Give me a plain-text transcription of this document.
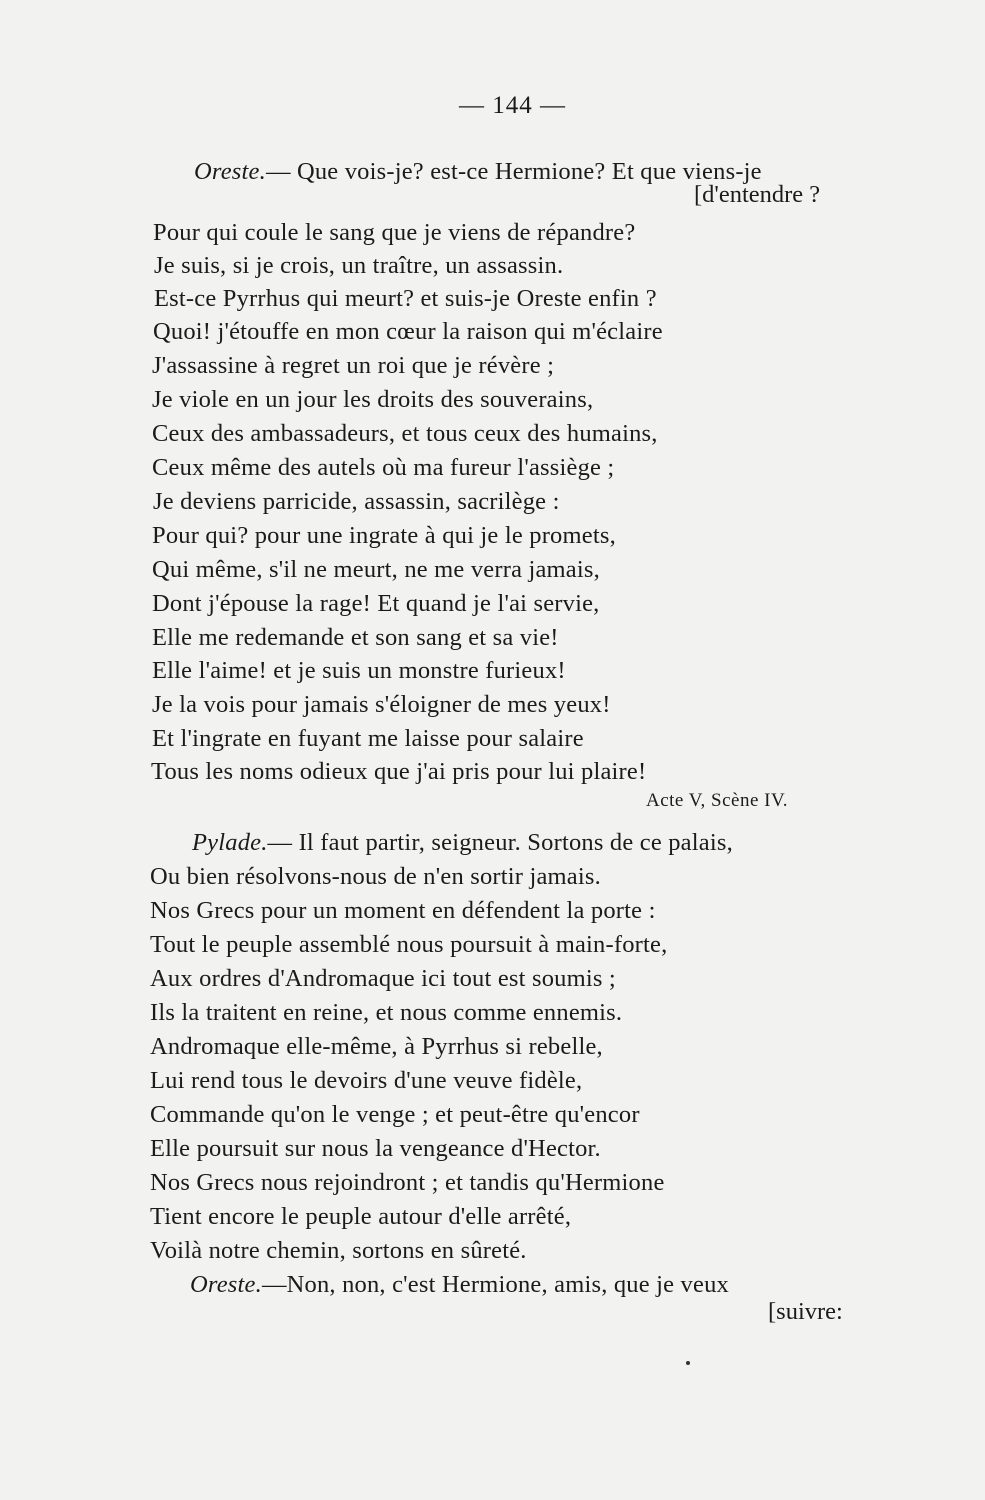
— 144 —
Oreste.— Que vois-je? est-ce Hermione? Et que viens-je
[d'entendre ?
Pour qui coule le sang que je viens de répandre?
Je suis, si je crois, un traître, un assassin.
Est-ce Pyrrhus qui meurt? et suis-je Oreste enfin ?
Quoi! j'étouffe en mon cœur la raison qui m'éclaire
J'assassine à regret un roi que je révère ;
Je viole en un jour les droits des souverains,
Ceux des ambassadeurs, et tous ceux des humains,
Ceux même des autels où ma fureur l'assiège ;
Je deviens parricide, assassin, sacrilège :
Pour qui? pour une ingrate à qui je le promets,
Qui même, s'il ne meurt, ne me verra jamais,
Dont j'épouse la rage! Et quand je l'ai servie,
Elle me redemande et son sang et sa vie!
Elle l'aime! et je suis un monstre furieux!
Je la vois pour jamais s'éloigner de mes yeux!
Et l'ingrate en fuyant me laisse pour salaire
Tous les noms odieux que j'ai pris pour lui plaire!
Acte V, Scène IV.
Pylade.— Il faut partir, seigneur. Sortons de ce palais,
Ou bien résolvons-nous de n'en sortir jamais.
Nos Grecs pour un moment en défendent la porte :
Tout le peuple assemblé nous poursuit à main-forte,
Aux ordres d'Andromaque ici tout est soumis ;
Ils la traitent en reine, et nous comme ennemis.
Andromaque elle-même, à Pyrrhus si rebelle,
Lui rend tous le devoirs d'une veuve fidèle,
Commande qu'on le venge ; et peut-être qu'encor
Elle poursuit sur nous la vengeance d'Hector.
Nos Grecs nous rejoindront ; et tandis qu'Hermione
Tient encore le peuple autour d'elle arrêté,
Voilà notre chemin, sortons en sûreté.
Oreste.—Non, non, c'est Hermione, amis, que je veux
[suivre:
